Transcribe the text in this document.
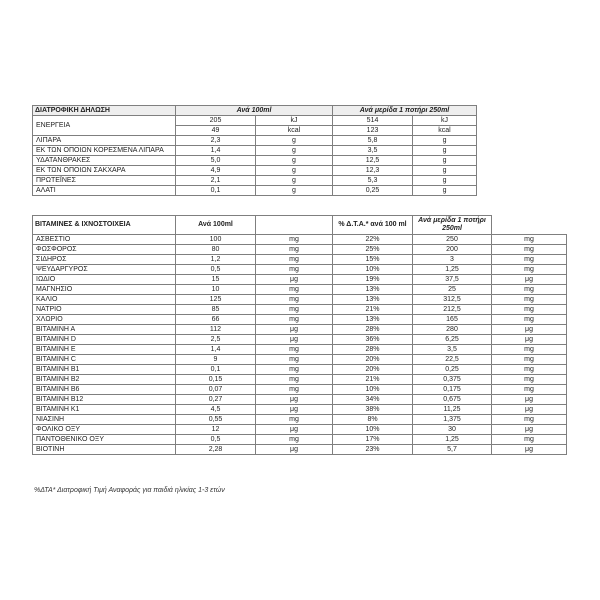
ΔΙΑΤΡΟΦΙΚΗ ΔΗΛΩΣΗ	Ανά 100ml		Ανά μερίδα 1 ποτήρι 250ml	
ΕΝΕΡΓΕΙΑ	205	kJ	514	kJ
	49	kcal	123	kcal
ΛΙΠΑΡΑ	2,3	g	5,8	g
ΕΚ ΤΩΝ ΟΠΟΙΩΝ ΚΟΡΕΣΜΕΝΑ ΛΙΠΑΡΑ	1,4	g	3,5	g
ΥΔΑΤΑΝΘΡΑΚΕΣ	5,0	g	12,5	g
ΕΚ ΤΩΝ ΟΠΟΙΩΝ ΣΑΚΧΑΡΑ	4,9	g	12,3	g
ΠΡΩΤΕΪΝΕΣ	2,1	g	5,3	g
ΑΛΑΤΙ	0,1	g	0,25	g
ΒΙΤΑΜΙΝΕΣ & ΙΧΝΟΣΤΟΙΧΕΙΑ	Ανά 100ml		% Δ.Τ.Α.* ανά 100 ml	Ανά μερίδα 1 ποτήρι 250ml	
ΑΣΒΕΣΤΙΟ	100	mg	22%	250	mg
ΦΩΣΦΟΡΟΣ	80	mg	25%	200	mg
ΣΙΔΗΡΟΣ	1,2	mg	15%	3	mg
ΨΕΥΔΑΡΓΥΡΟΣ	0,5	mg	10%	1,25	mg
ΙΩΔΙΟ	15	μg	19%	37,5	μg
ΜΑΓΝΗΣΙΟ	10	mg	13%	25	mg
ΚΑΛΙΟ	125	mg	13%	312,5	mg
ΝΑΤΡΙΟ	85	mg	21%	212,5	mg
ΧΛΩΡΙΟ	66	mg	13%	165	mg
ΒΙΤΑΜΙΝΗ Α	112	μg	28%	280	μg
ΒΙΤΑΜΙΝΗ D	2,5	μg	36%	6,25	μg
ΒΙΤΑΜΙΝΗ Ε	1,4	mg	28%	3,5	mg
ΒΙΤΑΜΙΝΗ C	9	mg	20%	22,5	mg
ΒΙΤΑΜΙΝΗ Β1	0,1	mg	20%	0,25	mg
ΒΙΤΑΜΙΝΗ Β2	0,15	mg	21%	0,375	mg
ΒΙΤΑΜΙΝΗ Β6	0,07	mg	10%	0,175	mg
ΒΙΤΑΜΙΝΗ Β12	0,27	μg	34%	0,675	μg
ΒΙΤΑΜΙΝΗ Κ1	4,5	μg	38%	11,25	μg
ΝΙΑΣΙΝΗ	0,55	mg	8%	1,375	mg
ΦΟΛΙΚΟ ΟΞΥ	12	μg	10%	30	μg
ΠΑΝΤΟΘΕΝΙΚΟ ΟΞΥ	0,5	mg	17%	1,25	mg
ΒΙΟΤΙΝΗ	2,28	μg	23%	5,7	μg
%ΔΤΑ* Διατροφική Τιμή Αναφοράς για παιδιά ηλικίας 1-3 ετών
